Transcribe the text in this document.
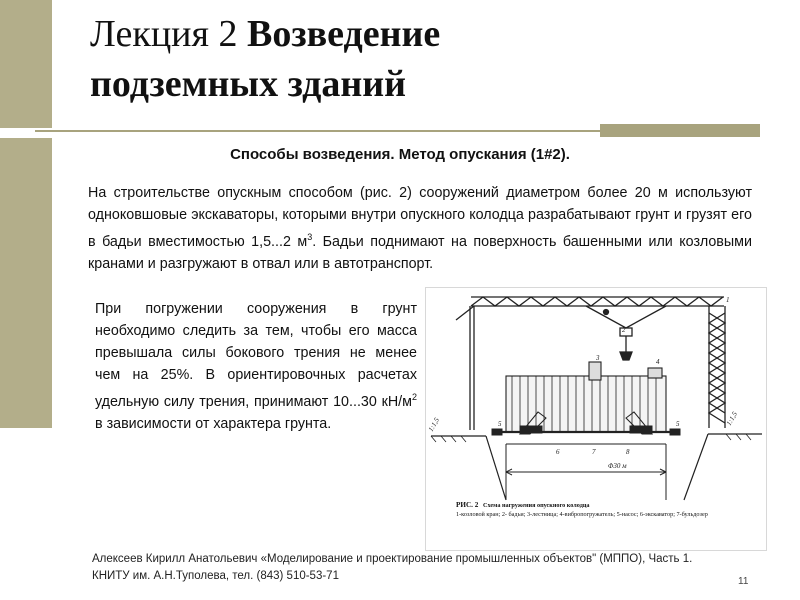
Лекция 2 Возведение
подземных зданий
Способы возведения. Метод опускания (1#2).
На строительстве опускным способом (рис. 2) сооружений диаметром более 20 м используют одноковшовые экскаваторы, которыми внутри опускного колодца разрабатывают грунт и грузят его в бадьи вместимостью 1,5...2 $м^3$. Бадьи поднимают на поверхность башенными или козловыми кранами и разгружают в отвал или в автотранспорт.
При погружении сооружения в грунт необходимо следить за тем, чтобы его масса превышала силы бокового трения не менее чем на 25%. В ориентировочных расчетах удельную силу трения, принимают 10...30 $кН/м^2$ в зависимости от характера грунта.
Φ30 м
1:1,5	1:1,5
1
2
3	4
5	5
6	7	8
РИС. 2 Схема нагружения опускного колодца
1-козловой кран; 2- бадьи; 3-лестница; 4-вибропогружатель; 5-насос; 6-экскаватор; 7-бульдозер
Алексеев Кирилл Анатольевич «Моделирование и проектирование промышленных объектов" (МППО), Часть 1.
КНИТУ им. А.Н.Туполева, тел. (843) 510-53-71	11
